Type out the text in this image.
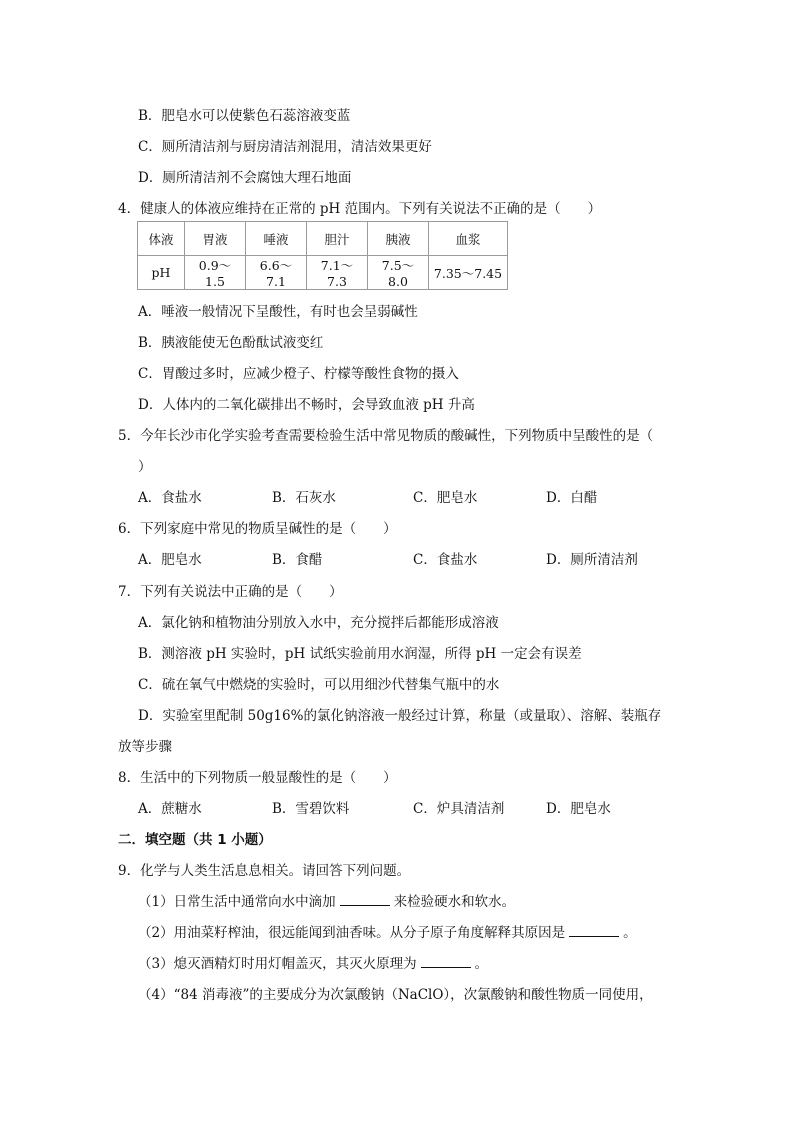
B．肥皂水可以使紫色石蕊溶液变蓝
C．厕所清洁剂与厨房清洁剂混用，清洁效果更好
D．厕所清洁剂不会腐蚀大理石地面
4．健康人的体液应维持在正常的 pH 范围内。下列有关说法不正确的是（　　）
体液	胃液	唾液	胆汁	胰液	血浆
pH	0.9～1.5	6.6～7.1	7.1～7.3	7.5～8.0	7.35～7.45
A．唾液一般情况下呈酸性，有时也会呈弱碱性
B．胰液能使无色酚酞试液变红
C．胃酸过多时，应减少橙子、柠檬等酸性食物的摄入
D．人体内的二氧化碳排出不畅时，会导致血液 pH 升高
5．今年长沙市化学实验考查需要检验生活中常见物质的酸碱性，下列物质中呈酸性的是（
）
A．食盐水	B．石灰水	C．肥皂水	D．白醋
6．下列家庭中常见的物质呈碱性的是（　　）
A．肥皂水	B．食醋	C．食盐水	D．厕所清洁剂
7．下列有关说法中正确的是（　　）
A．氯化钠和植物油分别放入水中，充分搅拌后都能形成溶液
B．测溶液 pH 实验时，pH 试纸实验前用水润湿，所得 pH 一定会有误差
C．硫在氧气中燃烧的实验时，可以用细沙代替集气瓶中的水
D．实验室里配制 50g16%的氯化钠溶液一般经过计算，称量（或量取）、溶解、装瓶存
放等步骤
8．生活中的下列物质一般显酸性的是（　　）
A．蔗糖水	B．雪碧饮料	C．炉具清洁剂	D．肥皂水
二．填空题（共 1 小题）
9．化学与人类生活息息相关。请回答下列问题。
（1）日常生活中通常向水中滴加	来检验硬水和软水。
（2）用油菜籽榨油，很远能闻到油香味。从分子原子角度解释其原因是	。
（3）熄灭酒精灯时用灯帽盖灭，其灭火原理为	。
（4）“84 消毒液”的主要成分为次氯酸钠（NaClO），次氯酸钠和酸性物质一同使用，
